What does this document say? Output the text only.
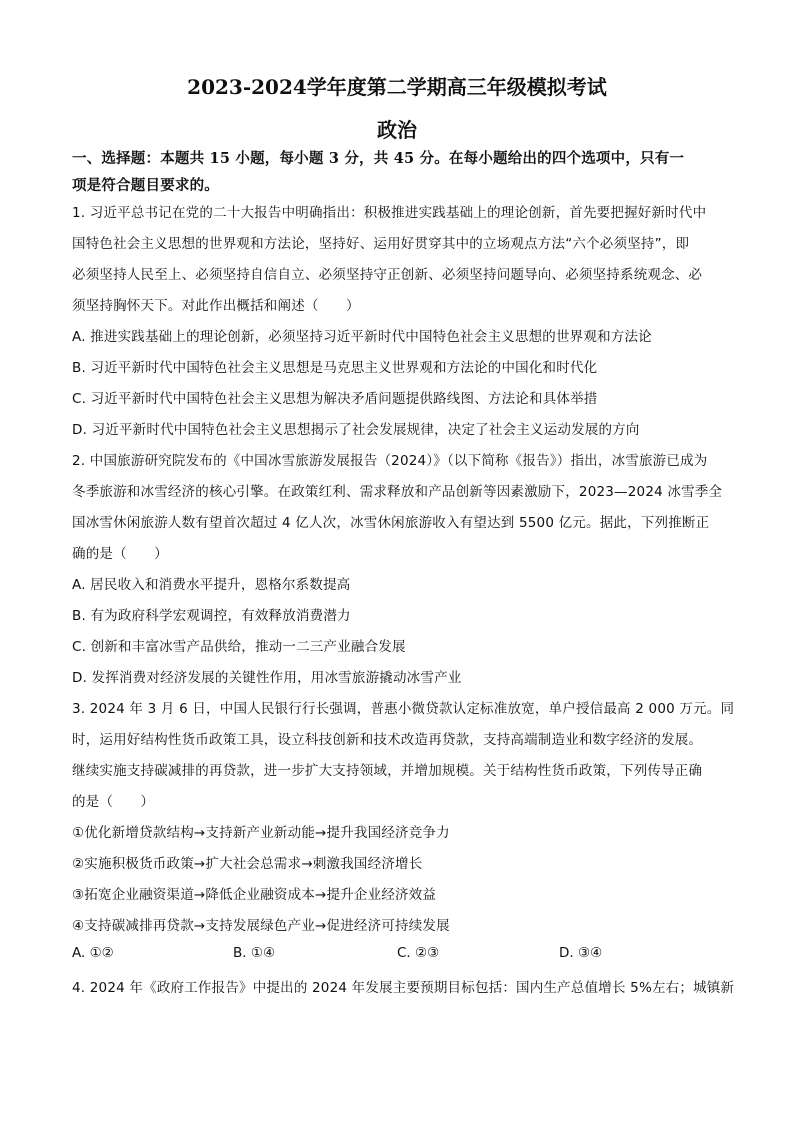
2023-2024学年度第二学期高三年级模拟考试
政治
一、选择题：本题共 15 小题，每小题 3 分，共 45 分。在每小题给出的四个选项中，只有一
项是符合题目要求的。
1. 习近平总书记在党的二十大报告中明确指出：积极推进实践基础上的理论创新，首先要把握好新时代中
国特色社会主义思想的世界观和方法论，坚持好、运用好贯穿其中的立场观点方法“六个必须坚持”，即
必须坚持人民至上、必须坚持自信自立、必须坚持守正创新、必须坚持问题导向、必须坚持系统观念、必
须坚持胸怀天下。对此作出概括和阐述（　　）
A. 推进实践基础上的理论创新，必须坚持习近平新时代中国特色社会主义思想的世界观和方法论
B. 习近平新时代中国特色社会主义思想是马克思主义世界观和方法论的中国化和时代化
C. 习近平新时代中国特色社会主义思想为解决矛盾问题提供路线图、方法论和具体举措
D. 习近平新时代中国特色社会主义思想揭示了社会发展规律，决定了社会主义运动发展的方向
2. 中国旅游研究院发布的《中国冰雪旅游发展报告（2024）》（以下简称《报告》）指出，冰雪旅游已成为
冬季旅游和冰雪经济的核心引擎。在政策红利、需求释放和产品创新等因素激励下，2023—2024 冰雪季全
国冰雪休闲旅游人数有望首次超过 4 亿人次，冰雪休闲旅游收入有望达到 5500 亿元。据此，下列推断正
确的是（　　）
A. 居民收入和消费水平提升，恩格尔系数提高
B. 有为政府科学宏观调控，有效释放消费潜力
C. 创新和丰富冰雪产品供给，推动一二三产业融合发展
D. 发挥消费对经济发展的关键性作用，用冰雪旅游撬动冰雪产业
3. 2024 年 3 月 6 日，中国人民银行行长强调，普惠小微贷款认定标准放宽，单户授信最高 2 000 万元。同
时，运用好结构性货币政策工具，设立科技创新和技术改造再贷款，支持高端制造业和数字经济的发展。
继续实施支持碳减排的再贷款，进一步扩大支持领域，并增加规模。关于结构性货币政策，下列传导正确
的是（　　）
①优化新增贷款结构→支持新产业新动能→提升我国经济竞争力
②实施积极货币政策→扩大社会总需求→刺激我国经济增长
③拓宽企业融资渠道→降低企业融资成本→提升企业经济效益
④支持碳减排再贷款→支持发展绿色产业→促进经济可持续发展
A. ①②	B. ①④	C. ②③	D. ③④
4. 2024 年《政府工作报告》中提出的 2024 年发展主要预期目标包括：国内生产总值增长 5%左右；城镇新
